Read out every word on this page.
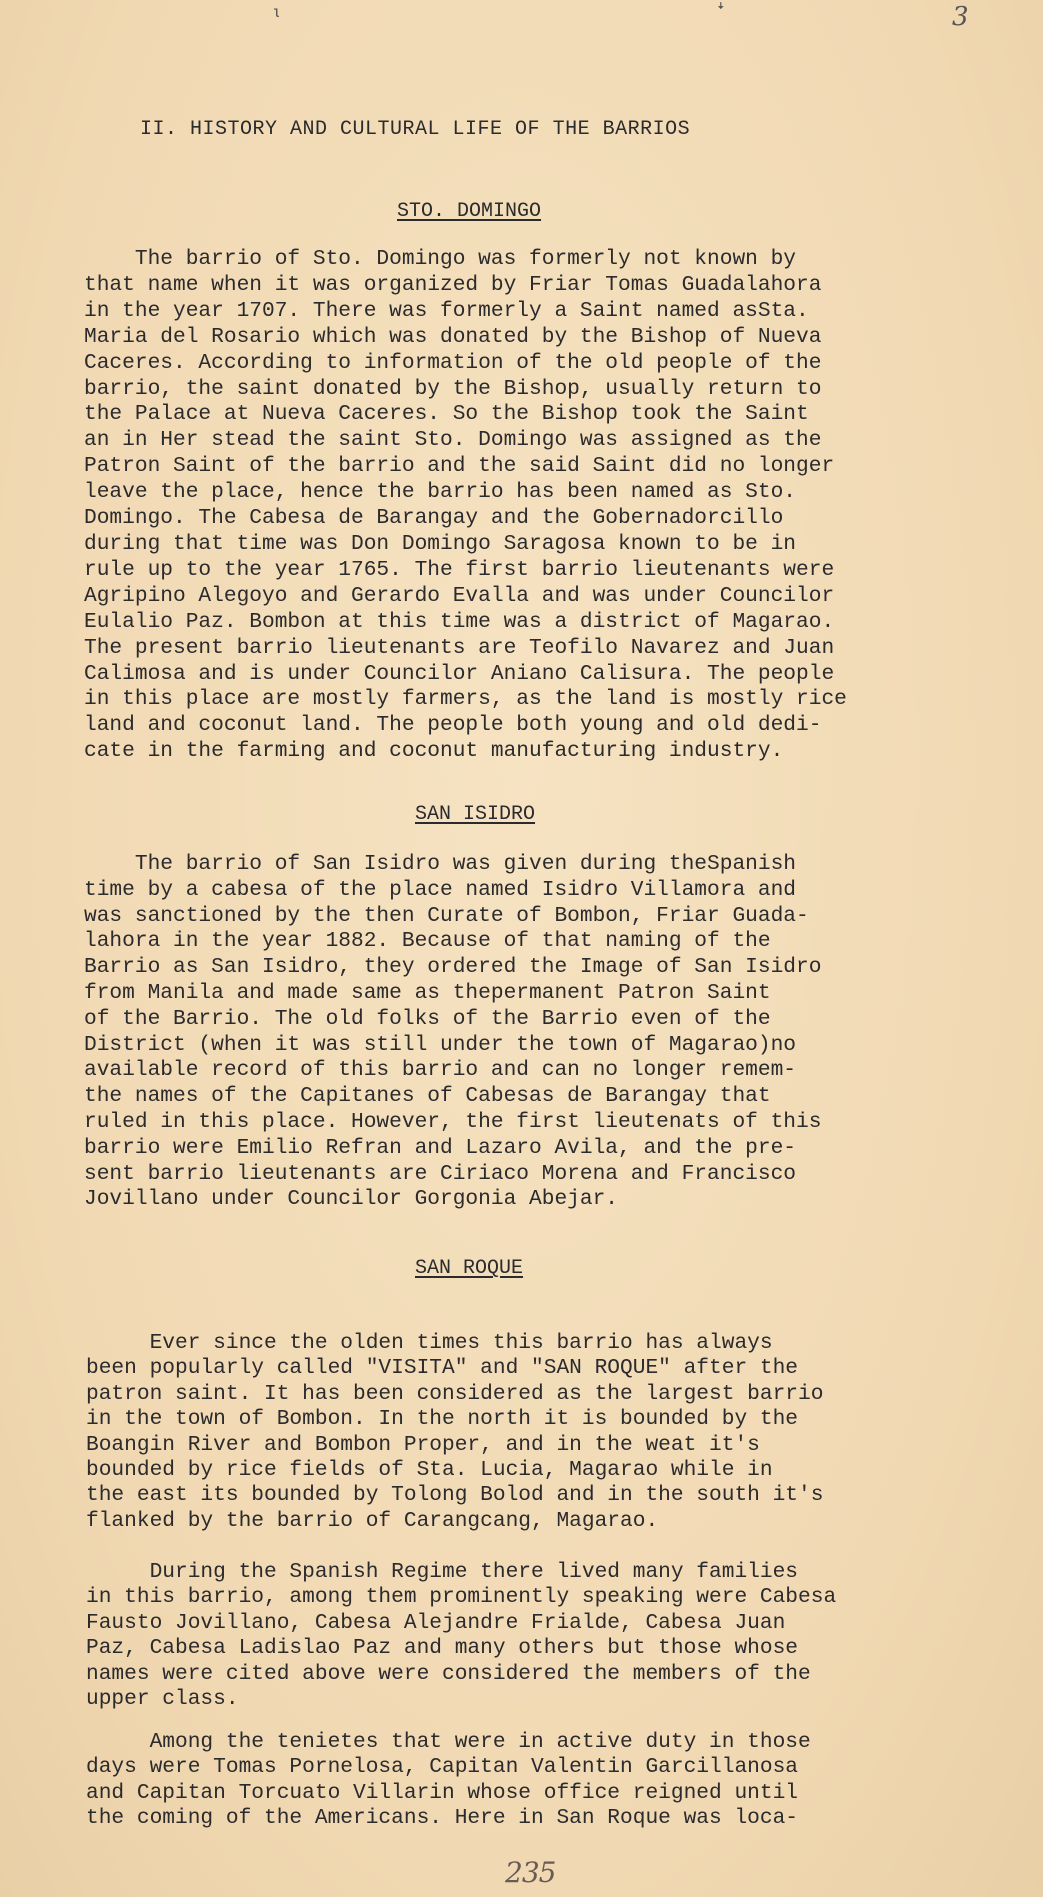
ɩ	ꜜ	3
II. HISTORY AND CULTURAL LIFE OF THE BARRIOS
STO. DOMINGO

The barrio of Sto. Domingo was formerly not known by
that name when it was organized by Friar Tomas Guadalahora
in the year 1707. There was formerly a Saint named asSta.
Maria del Rosario which was donated by the Bishop of Nueva
Caceres. According to information of the old people of the
barrio, the saint donated by the Bishop, usually return to
the Palace at Nueva Caceres. So the Bishop took the Saint
an in Her stead the saint Sto. Domingo was assigned as the
Patron Saint of the barrio and the said Saint did no longer
leave the place, hence the barrio has been named as Sto.
Domingo. The Cabesa de Barangay and the Gobernadorcillo
during that time was Don Domingo Saragosa known to be in
rule up to the year 1765. The first barrio lieutenants were
Agripino Alegoyo and Gerardo Evalla and was under Councilor
Eulalio Paz. Bombon at this time was a district of Magarao.
The present barrio lieutenants are Teofilo Navarez and Juan
Calimosa and is under Councilor Aniano Calisura. The people
in this place are mostly farmers, as the land is mostly rice
land and coconut land. The people both young and old dedi-
cate in the farming and coconut manufacturing industry.

SAN ISIDRO

The barrio of San Isidro was given during theSpanish
time by a cabesa of the place named Isidro Villamora and
was sanctioned by the then Curate of Bombon, Friar Guada-
lahora in the year 1882. Because of that naming of the
Barrio as San Isidro, they ordered the Image of San Isidro
from Manila and made same as thepermanent Patron Saint
of the Barrio. The old folks of the Barrio even of the
District (when it was still under the town of Magarao)no
available record of this barrio and can no longer remem-
the names of the Capitanes of Cabesas de Barangay that
ruled in this place. However, the first lieutenats of this
barrio were Emilio Refran and Lazaro Avila, and the pre-
sent barrio lieutenants are Ciriaco Morena and Francisco
Jovillano under Councilor Gorgonia Abejar.

SAN ROQUE

Ever since the olden times this barrio has always
been popularly called "VISITA" and "SAN ROQUE" after the
patron saint. It has been considered as the largest barrio
in the town of Bombon. In the north it is bounded by the
Boangin River and Bombon Proper, and in the weat it's
bounded by rice fields of Sta. Lucia, Magarao while in
the east its bounded by Tolong Bolod and in the south it's
flanked by the barrio of Carangcang, Magarao.

During the Spanish Regime there lived many families
in this barrio, among them prominently speaking were Cabesa
Fausto Jovillano, Cabesa Alejandre Frialde, Cabesa Juan
Paz, Cabesa Ladislao Paz and many others but those whose
names were cited above were considered the members of the
upper class.

Among the tenietes that were in active duty in those
days were Tomas Pornelosa, Capitan Valentin Garcillanosa
and Capitan Torcuato Villarin whose office reigned until
the coming of the Americans. Here in San Roque was loca-

235
